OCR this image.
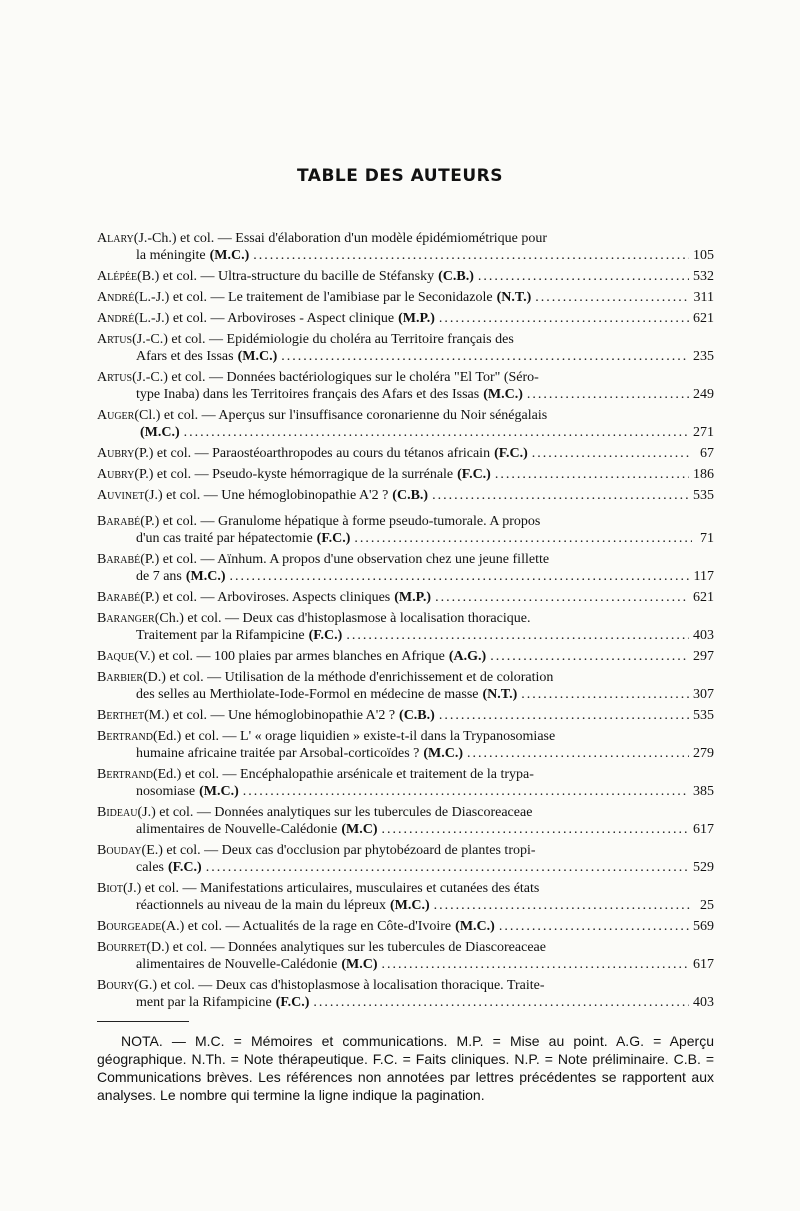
TABLE DES AUTEURS
Alary (J.-Ch.) et col. — Essai d'élaboration d'un modèle épidémiométrique pour
la méningite (M.C.) .....	105
Alépée (B.) et col. — Ultra-structure du bacille de Stéfansky (C.B.) .....	532
André (L.-J.) et col. — Le traitement de l'amibiase par le Seconidazole (N.T.) .....	311
André (L.-J.) et col. — Arboviroses - Aspect clinique (M.P.) .....	621
Artus (J.-C.) et col. — Epidémiologie du choléra au Territoire français des
Afars et des Issas (M.C.) .....	235
Artus (J.-C.) et col. — Données bactériologiques sur le choléra "El Tor" (Séro-
type Inaba) dans les Territoires français des Afars et des Issas (M.C.) .....	249
Auger (Cl.) et col. — Aperçus sur l'insuffisance coronarienne du Noir sénégalais
(M.C.) .....	271
Aubry (P.) et col. — Paraostéoarthropodes au cours du tétanos africain (F.C.) .....	67
Aubry (P.) et col. — Pseudo-kyste hémorragique de la surrénale (F.C.) .....	186
Auvinet (J.) et col. — Une hémoglobinopathie A'2 ? (C.B.) .....	535
Barabé (P.) et col. — Granulome hépatique à forme pseudo-tumorale. A propos
d'un cas traité par hépatectomie (F.C.) .....	71
Barabé (P.) et col. — Aïnhum. A propos d'une observation chez une jeune fillette
de 7 ans (M.C.) .....	117
Barabé (P.) et col. — Arboviroses. Aspects cliniques (M.P.) .....	621
Baranger (Ch.) et col. — Deux cas d'histoplasmose à localisation thoracique.
Traitement par la Rifampicine (F.C.) .....	403
Baque (V.) et col. — 100 plaies par armes blanches en Afrique (A.G.) .....	297
Barbier (D.) et col. — Utilisation de la méthode d'enrichissement et de coloration
des selles au Merthiolate-Iode-Formol en médecine de masse (N.T.) .....	307
Berthet (M.) et col. — Une hémoglobinopathie A'2 ? (C.B.) .....	535
Bertrand (Ed.) et col. — L' « orage liquidien » existe-t-il dans la Trypanosomiase
humaine africaine traitée par Arsobal-corticoïdes ? (M.C.) .....	279
Bertrand (Ed.) et col. — Encéphalopathie arsénicale et traitement de la trypa-
nosomiase (M.C.) .....	385
Bideau (J.) et col. — Données analytiques sur les tubercules de Diascoreaceae
alimentaires de Nouvelle-Calédonie (M.C) .....	617
Bouday (E.) et col. — Deux cas d'occlusion par phytobézoard de plantes tropi-
cales (F.C.) .....	529
Biot (J.) et col. — Manifestations articulaires, musculaires et cutanées des états
réactionnels au niveau de la main du lépreux (M.C.) .....	25
Bourgeade (A.) et col. — Actualités de la rage en Côte-d'Ivoire (M.C.) .....	569
Bourret (D.) et col. — Données analytiques sur les tubercules de Diascoreaceae
alimentaires de Nouvelle-Calédonie (M.C) .....	617
Boury (G.) et col. — Deux cas d'histoplasmose à localisation thoracique. Traite-
ment par la Rifampicine (F.C.) .....	403
NOTA. — M.C. = Mémoires et communications. M.P. = Mise au point. A.G. = Aperçu géographique. N.Th. = Note thérapeutique. F.C. = Faits cliniques. N.P. = Note préliminaire. C.B. = Communications brèves. Les références non annotées par lettres précédentes se rapportent aux analyses. Le nombre qui termine la ligne indique la pagination.
